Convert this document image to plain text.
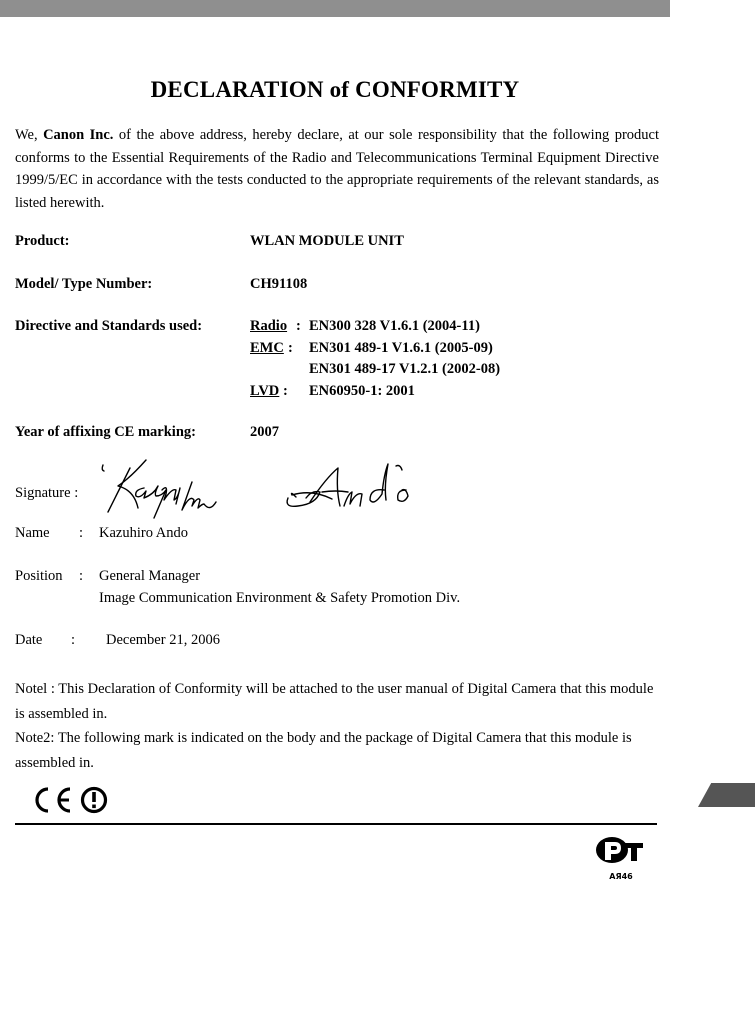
DECLARATION of CONFORMITY
We, Canon Inc. of the above address, hereby declare, at our sole responsibility that the following product conforms to the Essential Requirements of the Radio and Telecommunications Terminal Equipment Directive 1999/5/EC in accordance with the tests conducted to the appropriate requirements of the relevant standards, as listed herewith.
Product:	WLAN MODULE UNIT
Model/ Type Number:	CH91108
Directive and Standards used:	Radio : EN300 328 V1.6.1 (2004-11)
EMC : EN301 489-1 V1.6.1 (2005-09)
EN301 489-17 V1.2.1 (2002-08)
LVD : EN60950-1: 2001
Year of affixing CE marking:	2007
Signature :
Name : Kazuhiro Ando
Position : General Manager
Image Communication Environment & Safety Promotion Div.
Date : December 21, 2006
Notel : This Declaration of Conformity will be attached to the user manual of Digital Camera that this module is assembled in.
Note2: The following mark is indicated on the body and the package of Digital Camera that this module is assembled in.
AЯ46
